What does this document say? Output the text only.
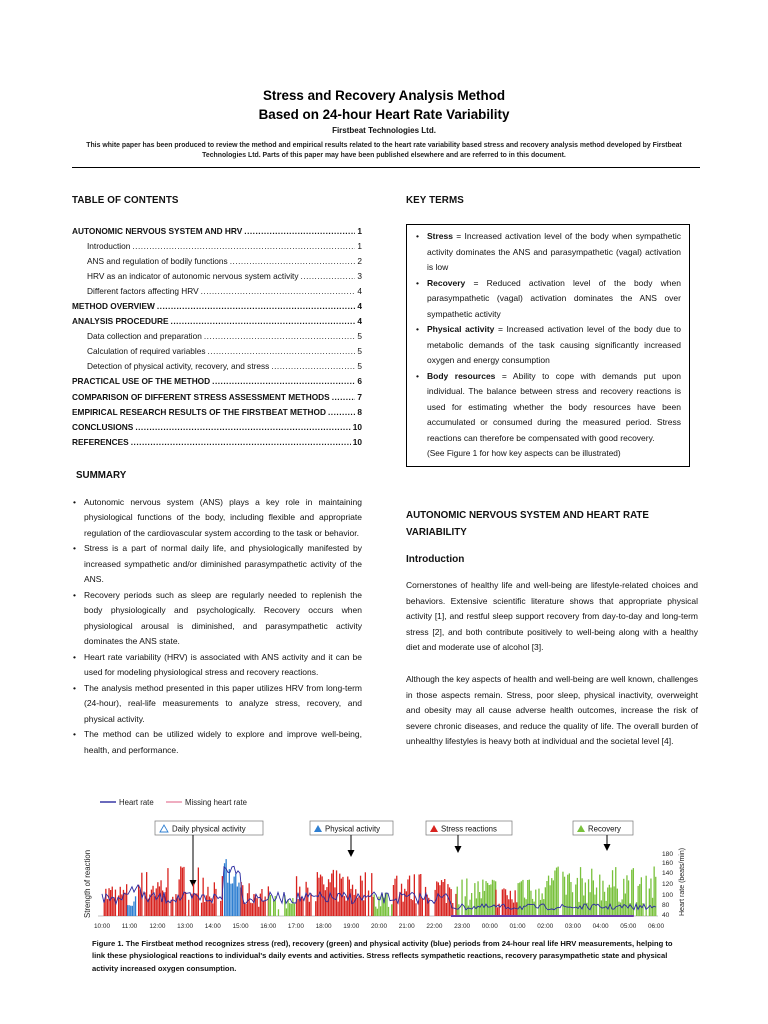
Stress and Recovery Analysis Method
Based on 24-hour Heart Rate Variability
Firstbeat Technologies Ltd.
This white paper has been produced to review the method and empirical results related to the heart rate variability based stress and recovery analysis method developed by Firstbeat Technologies Ltd. Parts of this paper may have been published elsewhere and are referred to in this document.
TABLE OF CONTENTS
AUTONOMIC NERVOUS SYSTEM AND HRV .....	1
Introduction .....	1
ANS and regulation of bodily functions .....	2
HRV as an indicator of autonomic nervous system activity .....	3
Different factors affecting HRV .....	4
METHOD OVERVIEW .....	4
ANALYSIS PROCEDURE .....	4
Data collection and preparation .....	5
Calculation of required variables .....	5
Detection of physical activity, recovery, and stress .....	5
PRACTICAL USE OF THE METHOD .....	6
COMPARISON OF DIFFERENT STRESS ASSESSMENT METHODS .....	7
EMPIRICAL RESEARCH RESULTS OF THE FIRSTBEAT METHOD .....	8
CONCLUSIONS .....	10
REFERENCES .....	10
SUMMARY
• Autonomic nervous system (ANS) plays a key role in maintaining physiological functions of the body, including flexible and appropriate regulation of the cardiovascular system according to the task or behavior.
• Stress is a part of normal daily life, and physiologically manifested by increased sympathetic and/or diminished parasympathetic activity of the ANS.
• Recovery periods such as sleep are regularly needed to replenish the body physiologically and psychologically. Recovery occurs when physiological arousal is diminished, and parasympathetic activity dominates the ANS state.
• Heart rate variability (HRV) is associated with ANS activity and it can be used for modeling physiological stress and recovery reactions.
• The analysis method presented in this paper utilizes HRV from long-term (24-hour), real-life measurements to analyze stress, recovery, and physical activity.
• The method can be utilized widely to explore and improve well-being, health, and performance.
KEY TERMS
• Stress = Increased activation level of the body when sympathetic activity dominates the ANS and parasympathetic (vagal) activation is low
• Recovery = Reduced activation level of the body when parasympathetic (vagal) activation dominates the ANS over sympathetic activity
• Physical activity = Increased activation level of the body due to metabolic demands of the task causing significantly increased oxygen and energy consumption
• Body resources = Ability to cope with demands put upon individual. The balance between stress and recovery reactions is used for estimating whether the body resources have been accumulated or consumed during the measured period. Stress reactions can therefore be compensated with good recovery.
(See Figure 1 for how key aspects can be illustrated)
AUTONOMIC NERVOUS SYSTEM AND HEART RATE VARIABILITY
Introduction

Cornerstones of healthy life and well-being are lifestyle-related choices and behaviors. Extensive scientific literature shows that appropriate physical activity [1], and restful sleep support recovery from day-to-day and long-term stress [2], and both contribute positively to well-being along with a healthy diet and moderate use of alcohol [3].

Although the key aspects of health and well-being are well known, challenges in those aspects remain. Stress, poor sleep, physical inactivity, overweight and obesity may all cause adverse health outcomes, increase the risk of severe chronic diseases, and reduce the quality of life. The overall burden of unhealthy lifestyles is heavy both at individual and the societal level [4].

Heart rate	Missing heart rate
Daily physical activity	Physical activity	Stress reactions	Recovery
Strength of reaction	Heart rate (beats/min)
180
160
140
120
100
80
40
10:00 11:00 12:00 13:00 14:00 15:00 16:00 17:00 18:00 19:00 20:00 21:00 22:00 23:00 00:00 01:00 02:00 03:00 04:00 05:00 06:00
Figure 1. The Firstbeat method recognizes stress (red), recovery (green) and physical activity (blue) periods from 24-hour real life HRV measurements, helping to link these physiological reactions to individual's daily events and activities. Stress reflects sympathetic reactions, recovery parasympathetic state and physical activity increased oxygen consumption.
